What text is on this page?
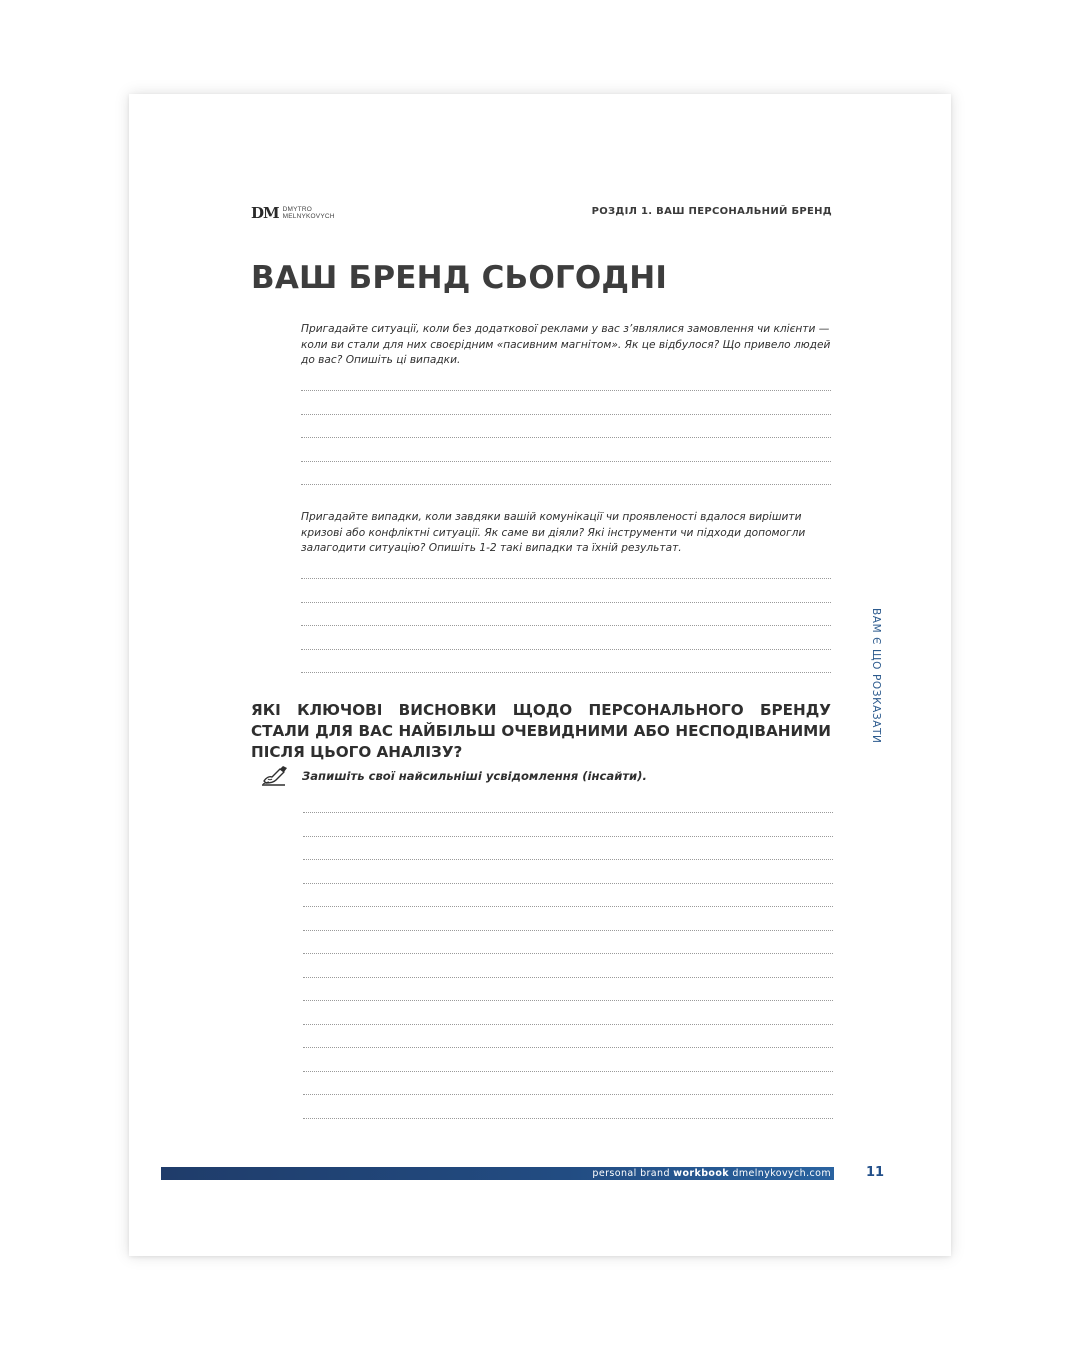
DM DMYTRO
MELNYKOVYCH	РОЗДІЛ 1. ВАШ ПЕРСОНАЛЬНИЙ БРЕНД
ВАШ БРЕНД СЬОГОДНІ

Пригадайте ситуації, коли без додаткової реклами у вас з’являлися замовлення чи клієнти — коли ви стали для них своєрідним «пасивним магнітом». Як це відбулося? Що привело людей до вас? Опишіть ці випадки.

Пригадайте випадки, коли завдяки вашій комунікації чи проявленості вдалося вирішити кризові або конфліктні ситуації. Як саме ви діяли? Які інструменти чи підходи допомогли залагодити ситуацію? Опишіть 1-2 такі випадки та їхній результат.

ЯКІ КЛЮЧОВІ ВИСНОВКИ ЩОДО ПЕРСОНАЛЬНОГО БРЕНДУ СТАЛИ ДЛЯ ВАС НАЙБІЛЬШ ОЧЕВИДНИМИ АБО НЕСПОДІВАНИМИ ПІСЛЯ ЦЬОГО АНАЛІЗУ?

Запишіть свої найсильніші усвідомлення (інсайти).
ВАМ Є ЩО РОЗКАЗАТИ
personal brand workbook dmelnykovych.com	11
